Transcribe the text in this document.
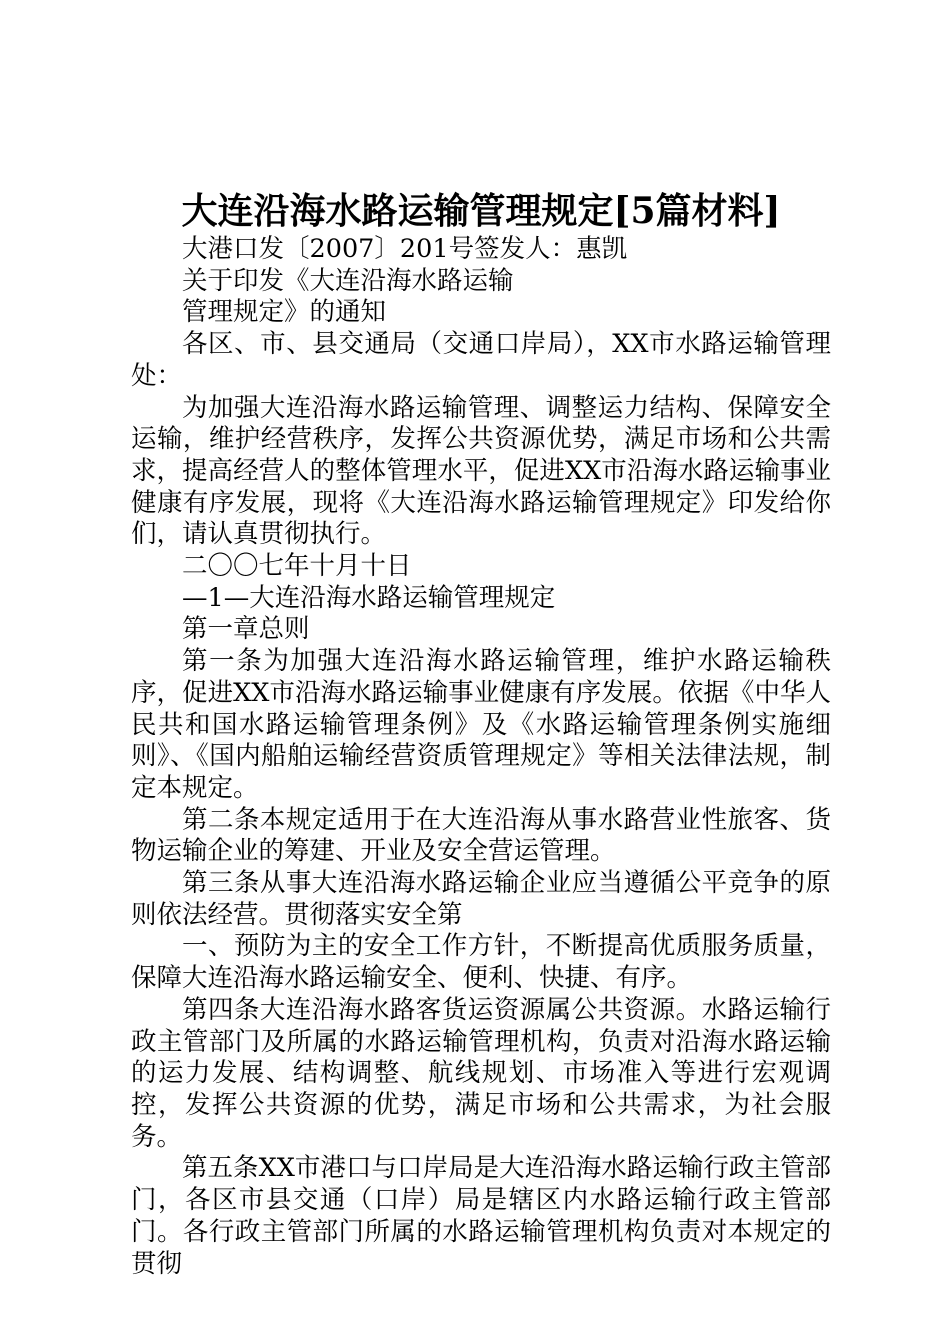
大连沿海水路运输管理规定[5篇材料]

大港口发〔2007〕201号签发人：惠凯

关于印发《大连沿海水路运输

管理规定》的通知

各区、市、县交通局（交通口岸局），XX市水路运输管理处：

为加强大连沿海水路运输管理、调整运力结构、保障安全运输，维护经营秩序，发挥公共资源优势，满足市场和公共需求，提高经营人的整体管理水平，促进XX市沿海水路运输事业健康有序发展，现将《大连沿海水路运输管理规定》印发给你们，请认真贯彻执行。

二〇〇七年十月十日

—1—大连沿海水路运输管理规定

第一章总则

第一条为加强大连沿海水路运输管理，维护水路运输秩序，促进XX市沿海水路运输事业健康有序发展。依据《中华人民共和国水路运输管理条例》及《水路运输管理条例实施细则》、《国内船舶运输经营资质管理规定》等相关法律法规，制定本规定。

第二条本规定适用于在大连沿海从事水路营业性旅客、货物运输企业的筹建、开业及安全营运管理。

第三条从事大连沿海水路运输企业应当遵循公平竞争的原则依法经营。贯彻落实安全第

一、预防为主的安全工作方针，不断提高优质服务质量，保障大连沿海水路运输安全、便利、快捷、有序。

第四条大连沿海水路客货运资源属公共资源。水路运输行政主管部门及所属的水路运输管理机构，负责对沿海水路运输的运力发展、结构调整、航线规划、市场准入等进行宏观调控，发挥公共资源的优势，满足市场和公共需求，为社会服务。

第五条XX市港口与口岸局是大连沿海水路运输行政主管部门，各区市县交通（口岸）局是辖区内水路运输行政主管部门。各行政主管部门所属的水路运输管理机构负责对本规定的贯彻
